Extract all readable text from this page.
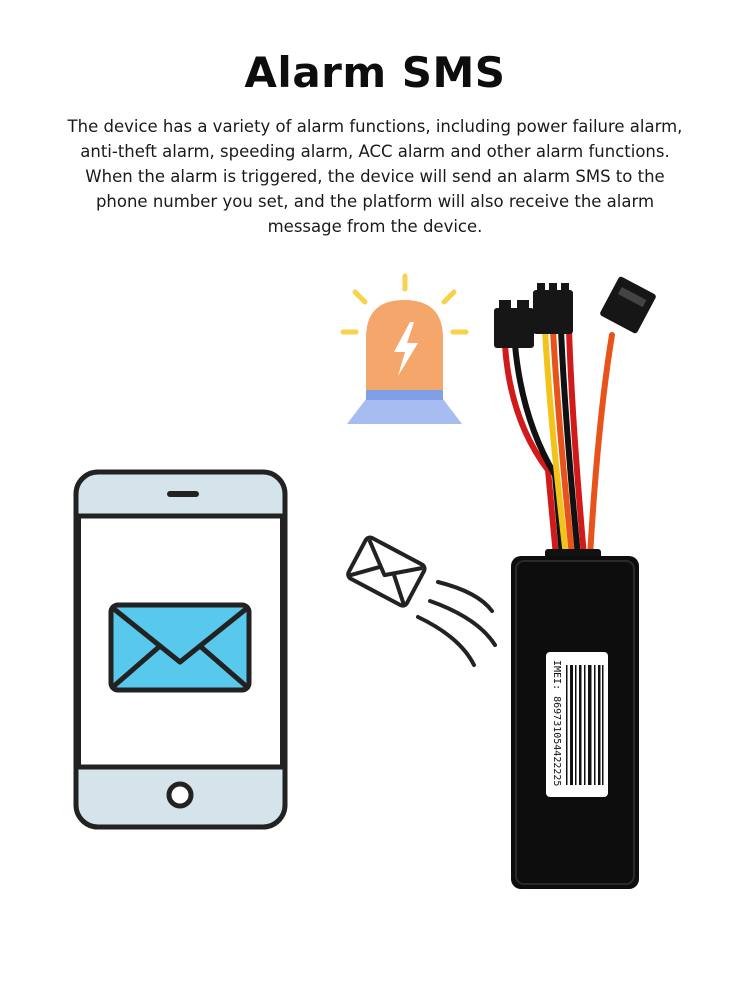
Alarm SMS
The device has a variety of alarm functions, including power failure alarm, anti-theft alarm, speeding alarm, ACC alarm and other alarm functions. When the alarm is triggered, the device will send an alarm SMS to the phone number you set, and the platform will also receive the alarm message from the device.
IMEI: 869731054422225
